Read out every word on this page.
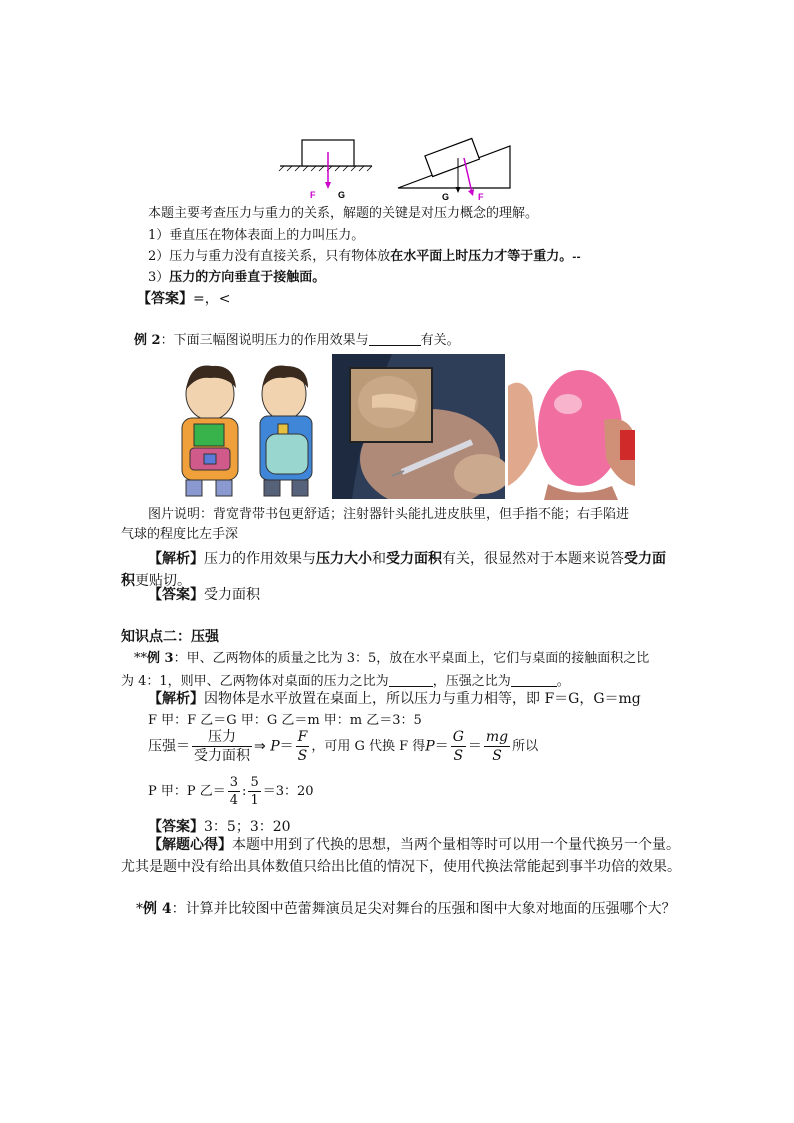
F	G	G	F
本题主要考查压力与重力的关系，解题的关键是对压力概念的理解。
1）垂直压在物体表面上的力叫压力。
2）压力与重力没有直接关系，只有物体放在水平面上时压力才等于重力。--
3）压力的方向垂直于接触面。
【答案】=，<
例 2：下面三幅图说明压力的作用效果与	有关。
图片说明：背宽背带书包更舒适；注射器针头能扎进皮肤里，但手指不能；右手陷进
气球的程度比左手深
【解析】压力的作用效果与压力大小和受力面积有关，很显然对于本题来说答受力面
积更贴切。
【答案】受力面积
知识点二：压强
**例 3：甲、乙两物体的质量之比为 3：5，放在水平桌面上，它们与桌面的接触面积之比
为 4：1，则甲、乙两物体对桌面的压力之比为	，压强之比为	。
【解析】因物体是水平放置在桌面上，所以压力与重力相等，即 F＝G，G＝mg
F 甲：F 乙＝G 甲：G 乙＝m 甲：m 乙＝3：5
压强＝ $\frac{\text{压力}}{\text{受力面积}}$ ⇒ $P= \frac{F}{S}$ ，可用 G 代换 F 得$P= \frac{G}{S} = \frac{mg}{S}$ 所以
P 甲：P 乙＝ $\frac{3}{4}$ : $\frac{5}{1} =3$：20
【答案】3：5；3：20
【解题心得】本题中用到了代换的思想，当两个量相等时可以用一个量代换另一个量。
尤其是题中没有给出具体数值只给出比值的情况下，使用代换法常能起到事半功倍的效果。
*例 4：计算并比较图中芭蕾舞演员足尖对舞台的压强和图中大象对地面的压强哪个大？
